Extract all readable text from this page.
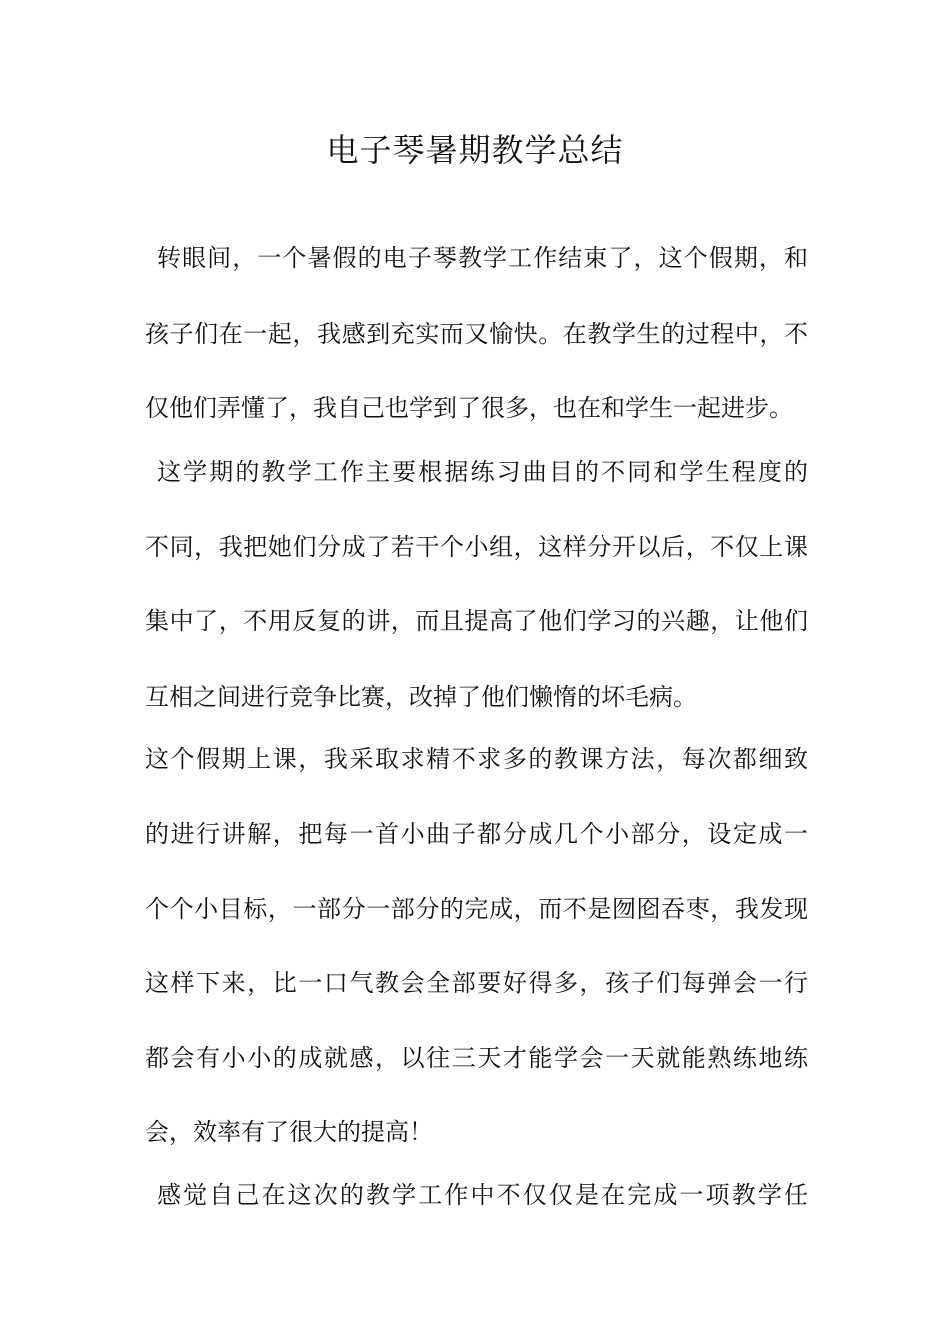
电子琴暑期教学总结
转眼间，一个暑假的电子琴教学工作结束了，这个假期，和
孩子们在一起，我感到充实而又愉快。在教学生的过程中，不
仅他们弄懂了，我自己也学到了很多，也在和学生一起进步。
这学期的教学工作主要根据练习曲目的不同和学生程度的
不同，我把她们分成了若干个小组，这样分开以后，不仅上课
集中了，不用反复的讲，而且提高了他们学习的兴趣，让他们
互相之间进行竞争比赛，改掉了他们懒惰的坏毛病。
这个假期上课，我采取求精不求多的教课方法，每次都细致
的进行讲解，把每一首小曲子都分成几个小部分，设定成一
个个小目标，一部分一部分的完成，而不是囫囵吞枣，我发现
这样下来，比一口气教会全部要好得多，孩子们每弹会一行
都会有小小的成就感，以往三天才能学会一天就能熟练地练
会，效率有了很大的提高！
感觉自己在这次的教学工作中不仅仅是在完成一项教学任
